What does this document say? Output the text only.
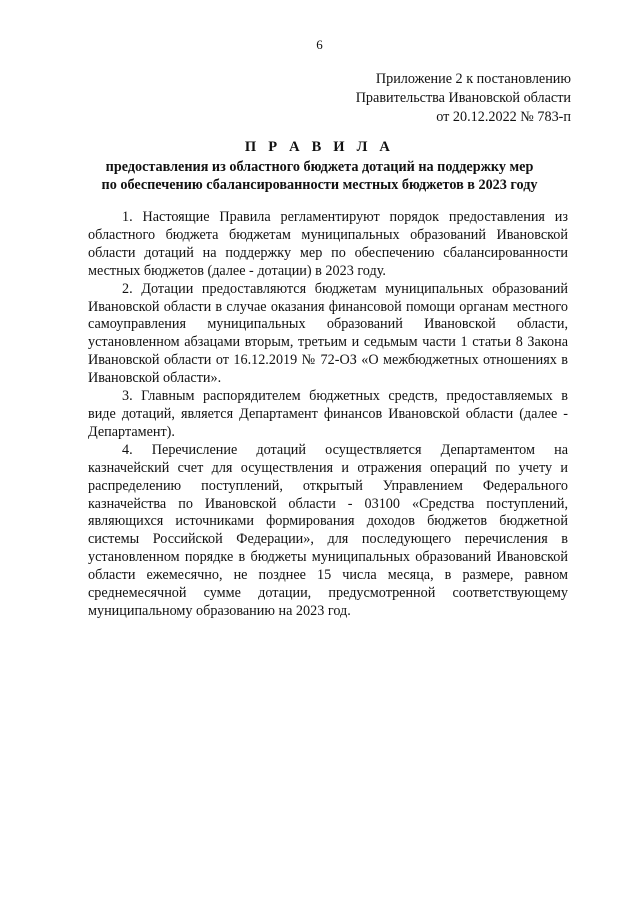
6
Приложение 2 к постановлению
Правительства Ивановской области
от 20.12.2022 № 783-п
П Р А В И Л А
предоставления из областного бюджета дотаций на поддержку мер
по обеспечению сбалансированности местных бюджетов в 2023 году

1. Настоящие Правила регламентируют порядок предоставления из областного бюджета бюджетам муниципальных образований Ивановской области дотаций на поддержку мер по обеспечению сбалансированности местных бюджетов (далее - дотации) в 2023 году.

2. Дотации предоставляются бюджетам муниципальных образований Ивановской области в случае оказания финансовой помощи органам местного самоуправления муниципальных образований Ивановской области, установленном абзацами вторым, третьим и седьмым части 1 статьи 8 Закона Ивановской области от 16.12.2019 № 72-ОЗ «О межбюджетных отношениях в Ивановской области».

3. Главным распорядителем бюджетных средств, предоставляемых в виде дотаций, является Департамент финансов Ивановской области (далее - Департамент).

4. Перечисление дотаций осуществляется Департаментом на казначейский счет для осуществления и отражения операций по учету и распределению поступлений, открытый Управлением Федерального казначейства по Ивановской области - 03100 «Средства поступлений, являющихся источниками формирования доходов бюджетов бюджетной системы Российской Федерации», для последующего перечисления в установленном порядке в бюджеты муниципальных образований Ивановской области ежемесячно, не позднее 15 числа месяца, в размере, равном среднемесячной сумме дотации, предусмотренной соответствующему муниципальному образованию на 2023 год.
